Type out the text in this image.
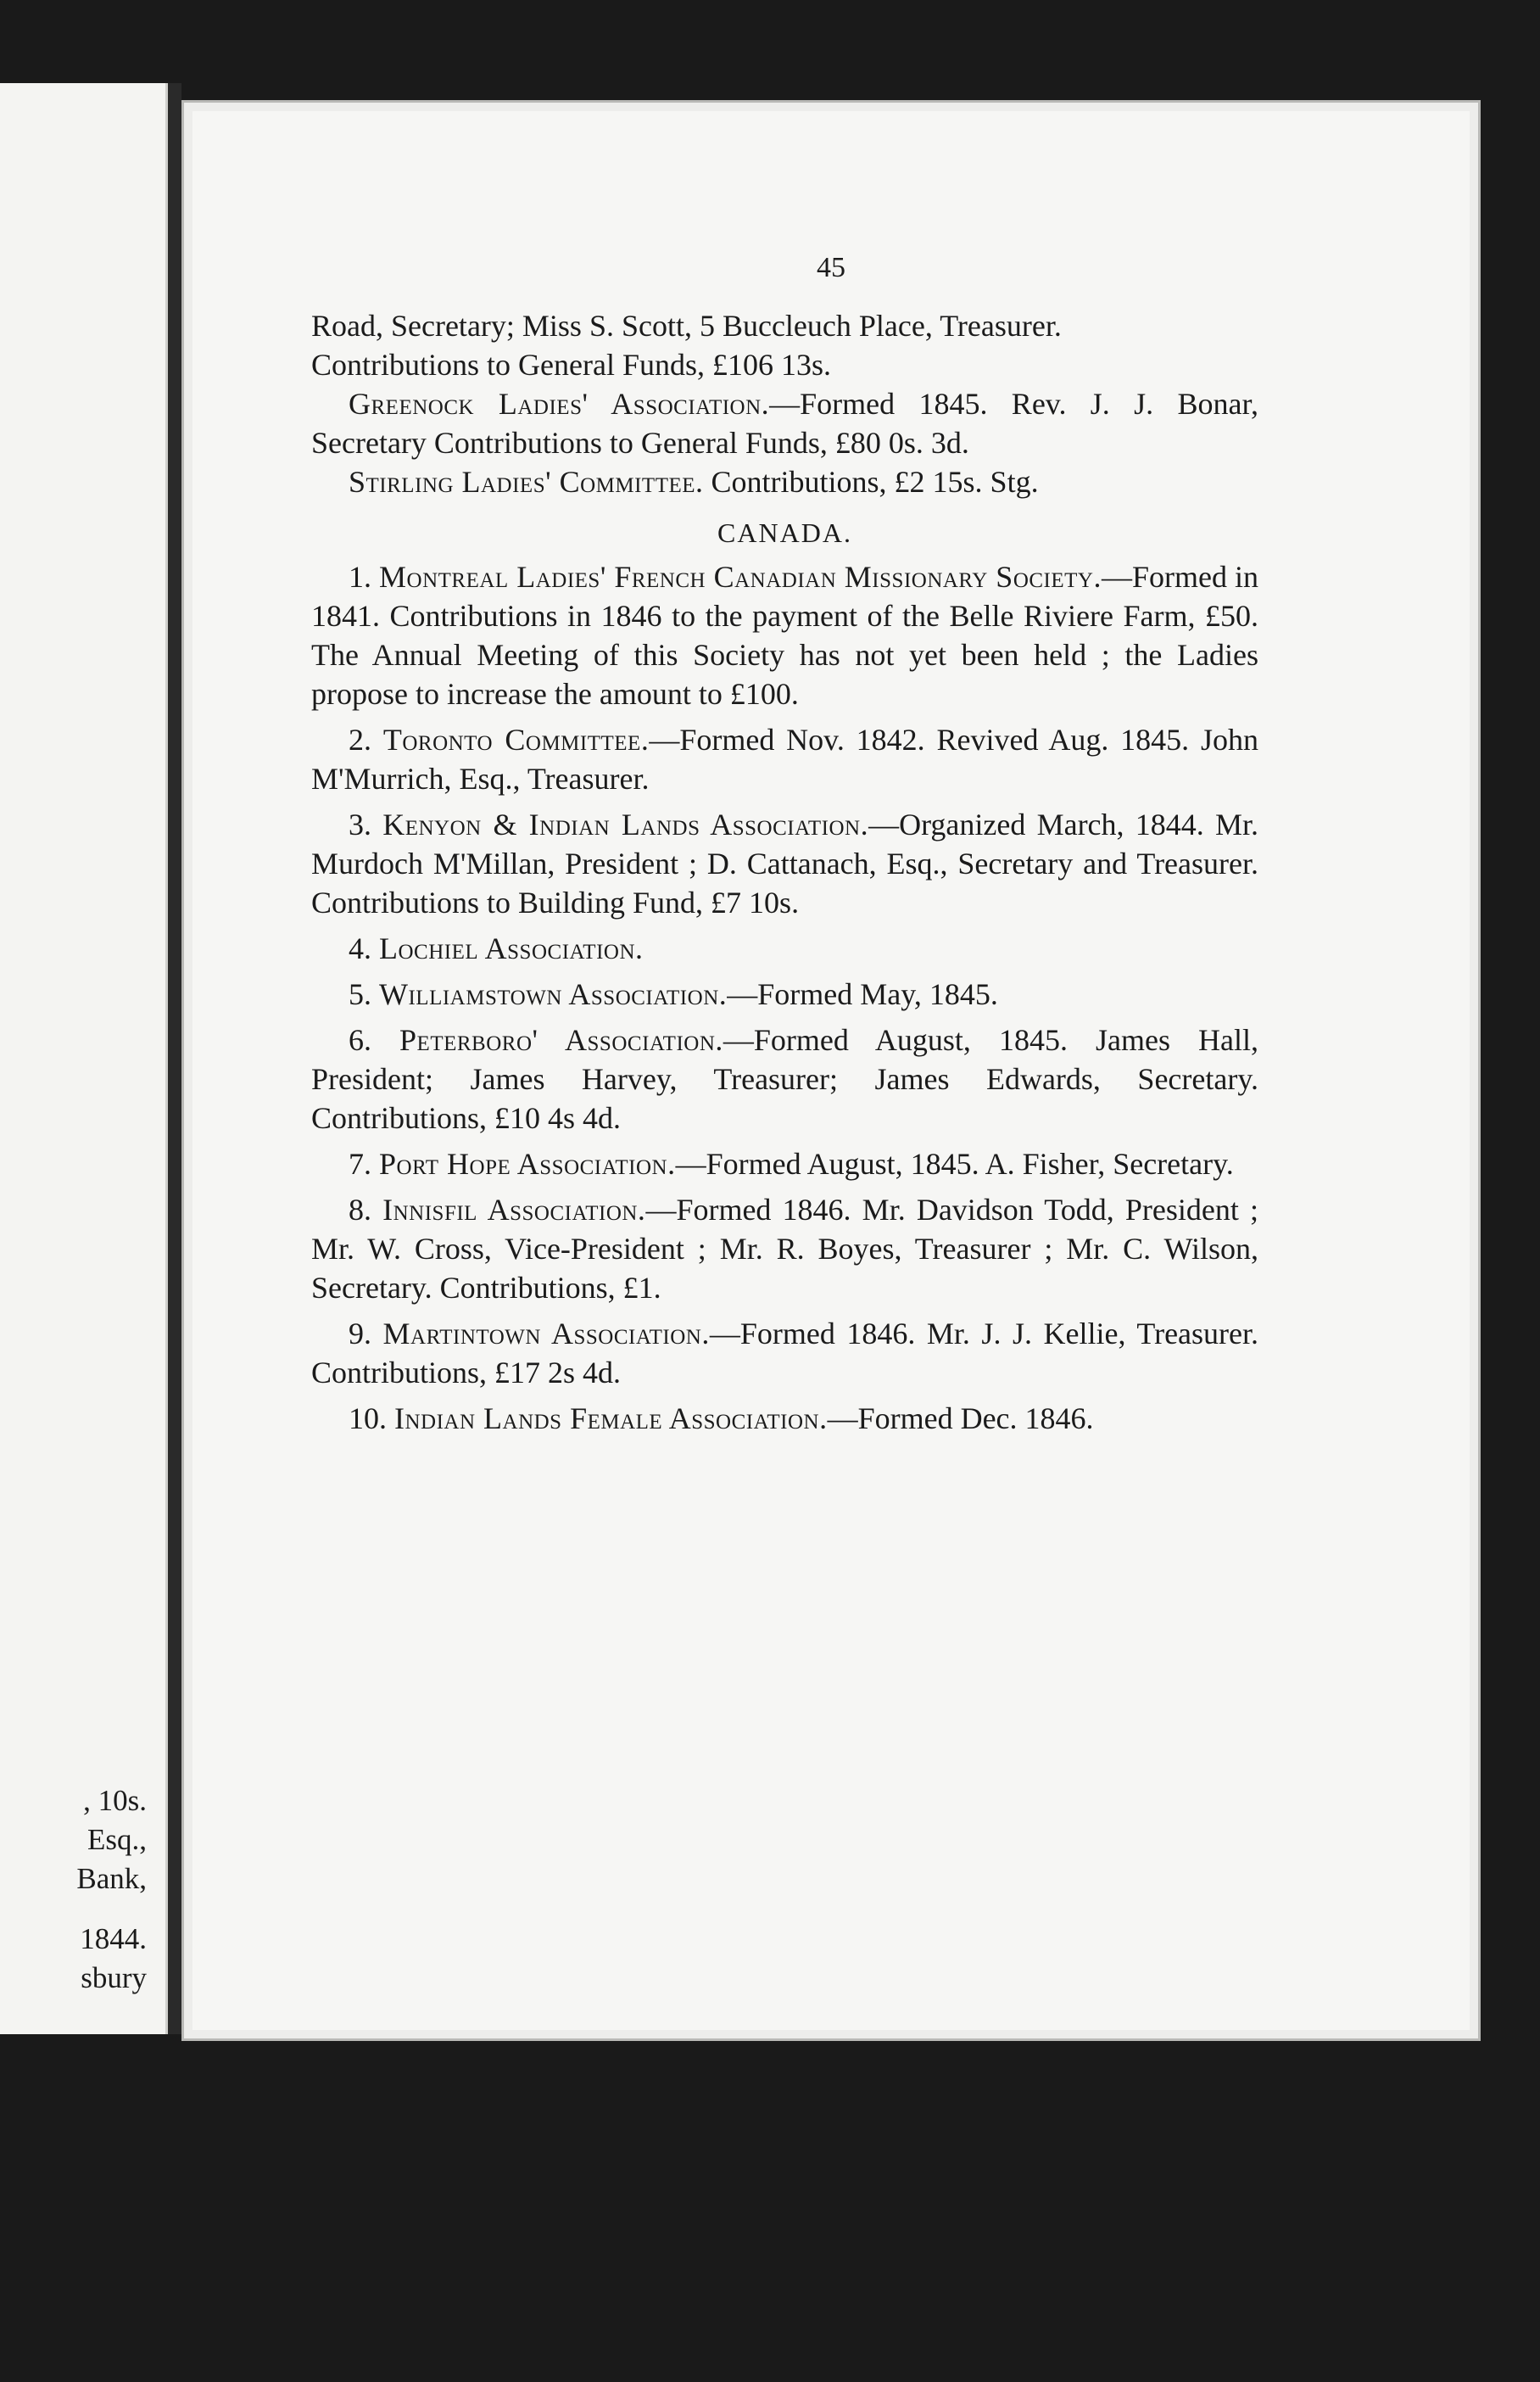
, 10s.
Esq.,
Bank,
1844.
sbury
45

Road, Secretary; Miss S. Scott, 5 Buccleuch Place, Treasurer.
Contributions to General Funds, £106 13s.

Greenock Ladies' Association.—Formed 1845. Rev. J. J. Bonar, Secretary Contributions to General Funds, £80 0s. 3d.

Stirling Ladies' Committee. Contributions, £2 15s. Stg.

CANADA.

1. Montreal Ladies' French Canadian Missionary Society.—Formed in 1841. Contributions in 1846 to the payment of the Belle Riviere Farm, £50. The Annual Meeting of this Society has not yet been held ; the Ladies propose to increase the amount to £100.

2. Toronto Committee.—Formed Nov. 1842. Revived Aug. 1845. John M'Murrich, Esq., Treasurer.

3. Kenyon & Indian Lands Association.—Organized March, 1844. Mr. Murdoch M'Millan, President ; D. Cattanach, Esq., Secretary and Treasurer. Contributions to Building Fund, £7 10s.

4. Lochiel Association.

5. Williamstown Association.—Formed May, 1845.

6. Peterboro' Association.—Formed August, 1845. James Hall, President; James Harvey, Treasurer; James Edwards, Secretary. Contributions, £10 4s 4d.

7. Port Hope Association.—Formed August, 1845. A. Fisher, Secretary.

8. Innisfil Association.—Formed 1846. Mr. Davidson Todd, President ; Mr. W. Cross, Vice-President ; Mr. R. Boyes, Treasurer ; Mr. C. Wilson, Secretary. Contributions, £1.

9. Martintown Association.—Formed 1846. Mr. J. J. Kellie, Treasurer. Contributions, £17 2s 4d.

10. Indian Lands Female Association.—Formed Dec. 1846.
